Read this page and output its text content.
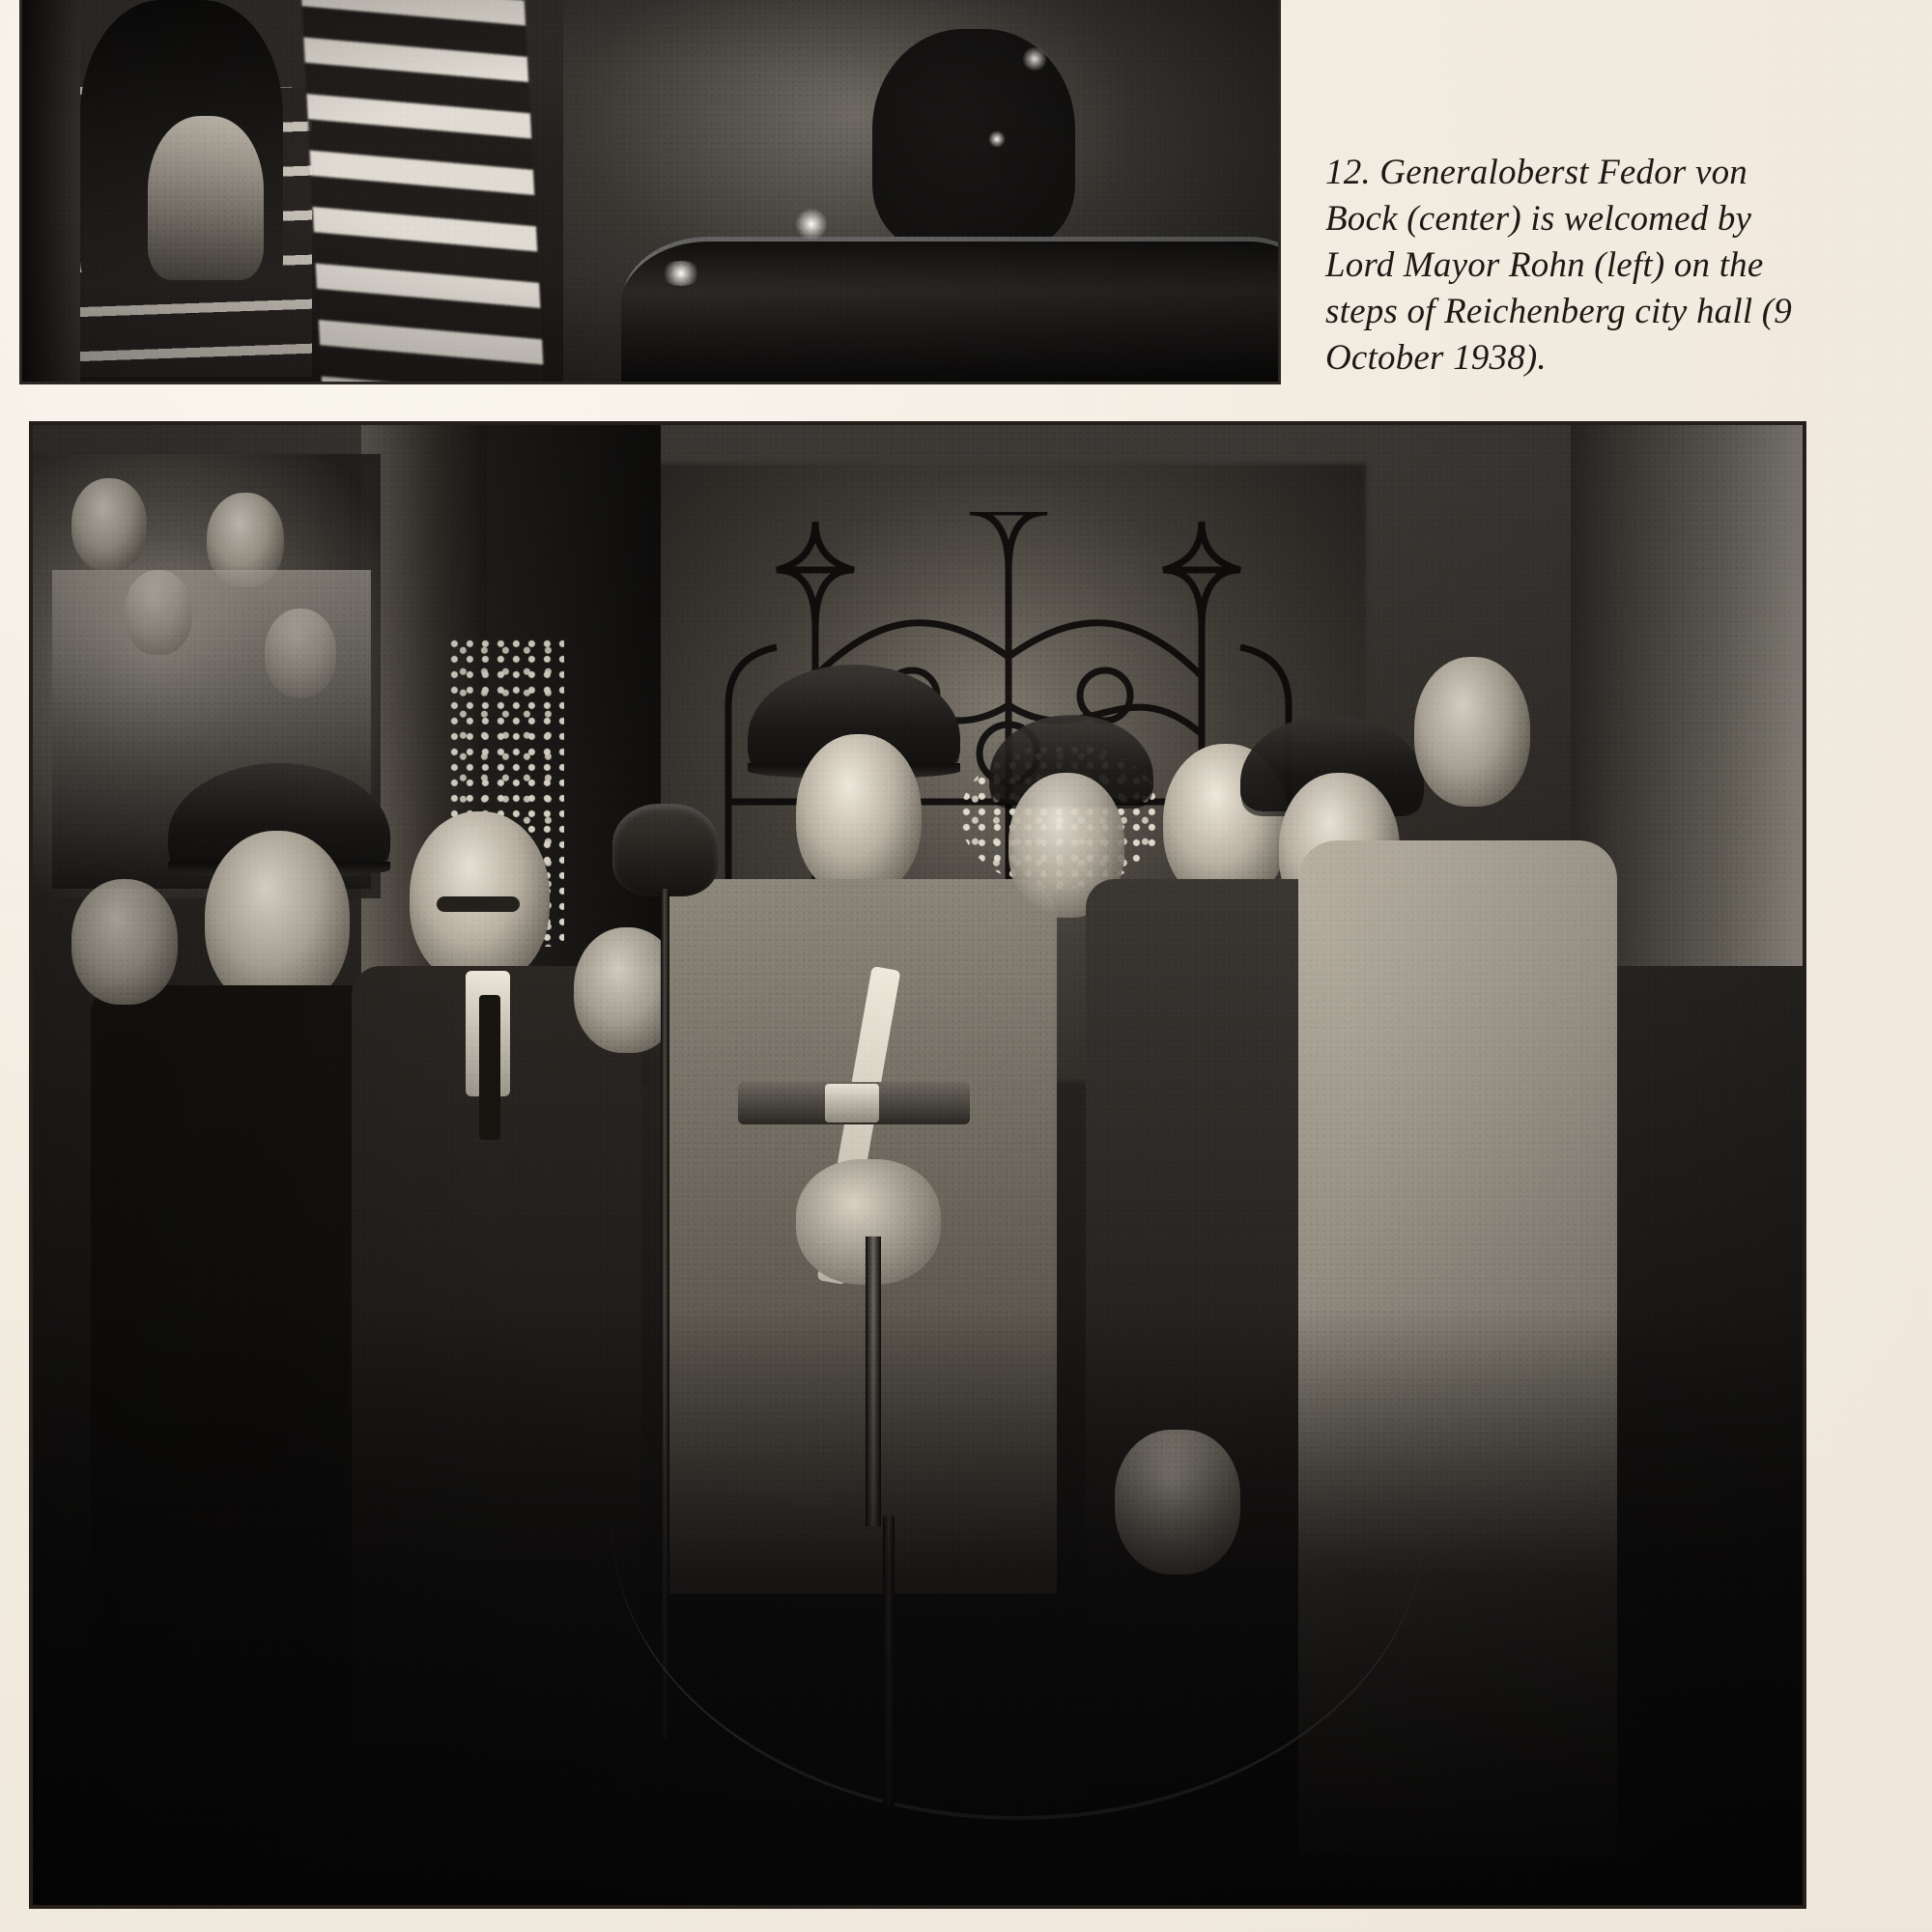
12. Generaloberst Fedor von Bock (center) is welcomed by Lord Mayor Rohn (left) on the steps of Reichenberg city hall (9 October 1938).
